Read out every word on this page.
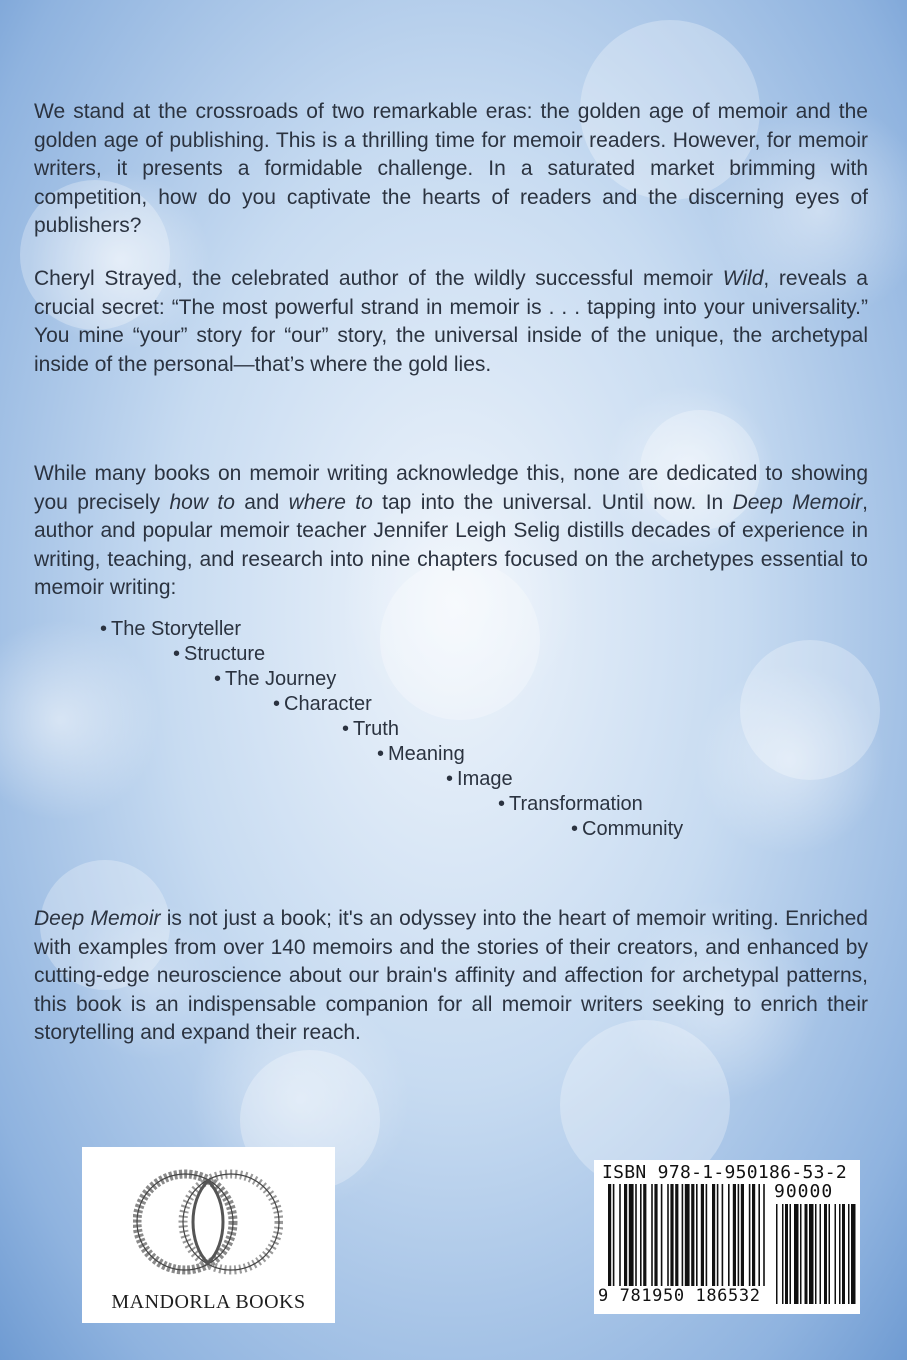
We stand at the crossroads of two remarkable eras: the golden age of memoir and the golden age of publishing. This is a thrilling time for memoir readers. However, for memoir writers, it presents a formidable challenge. In a saturated market brimming with competition, how do you captivate the hearts of readers and the discerning eyes of publishers?

Cheryl Strayed, the celebrated author of the wildly successful memoir Wild, reveals a crucial secret: “The most powerful strand in memoir is . . . tapping into your universality.” You mine “your” story for “our” story, the universal inside of the unique, the archetypal inside of the personal—that’s where the gold lies.

While many books on memoir writing acknowledge this, none are dedicated to showing you precisely how to and where to tap into the universal. Until now. In Deep Memoir, author and popular memoir teacher Jennifer Leigh Selig distills decades of experience in writing, teaching, and research into nine chapters focused on the archetypes essential to memoir writing:

• The Storyteller

• Structure

• The Journey

• Character

• Truth

• Meaning

• Image

• Transformation

• Community

Deep Memoir is not just a book; it's an odyssey into the heart of memoir writing. Enriched with examples from over 140 memoirs and the stories of their creators, and enhanced by cutting-edge neuroscience about our brain's affinity and affection for archetypal patterns, this book is an indispensable companion for all memoir writers seeking to enrich their storytelling and expand their reach.

MANDORLA BOOKS
ISBN 978-1-950186-53-2
90000
9 781950 186532
